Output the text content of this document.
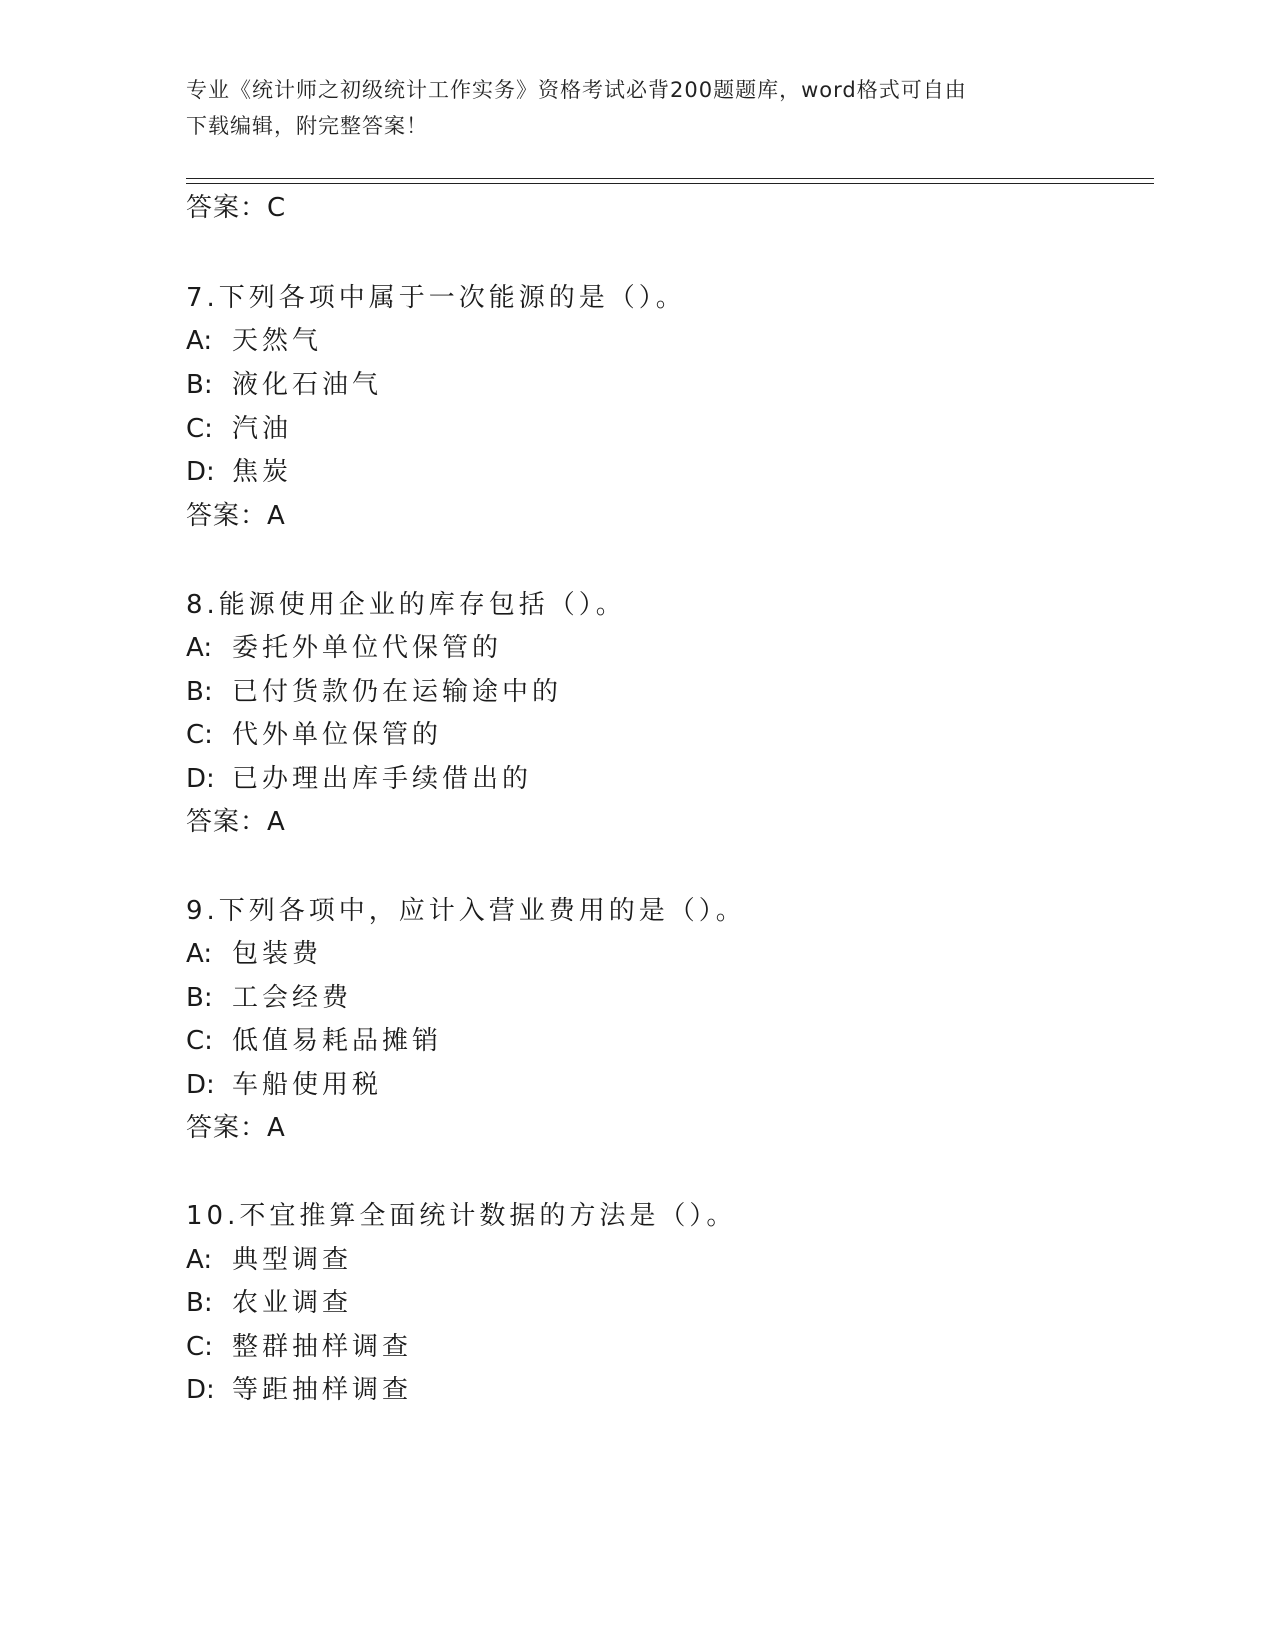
专业《统计师之初级统计工作实务》资格考试必背200题题库，word格式可自由
下载编辑，附完整答案！
答案：C
7.下列各项中属于一次能源的是（）。
A: 天然气
B: 液化石油气
C: 汽油
D: 焦炭
答案：A
8.能源使用企业的库存包括（）。
A: 委托外单位代保管的
B: 已付货款仍在运输途中的
C: 代外单位保管的
D: 已办理出库手续借出的
答案：A
9.下列各项中，应计入营业费用的是（）。
A: 包装费
B: 工会经费
C: 低值易耗品摊销
D: 车船使用税
答案：A
10.不宜推算全面统计数据的方法是（）。
A: 典型调查
B: 农业调查
C: 整群抽样调查
D: 等距抽样调查
